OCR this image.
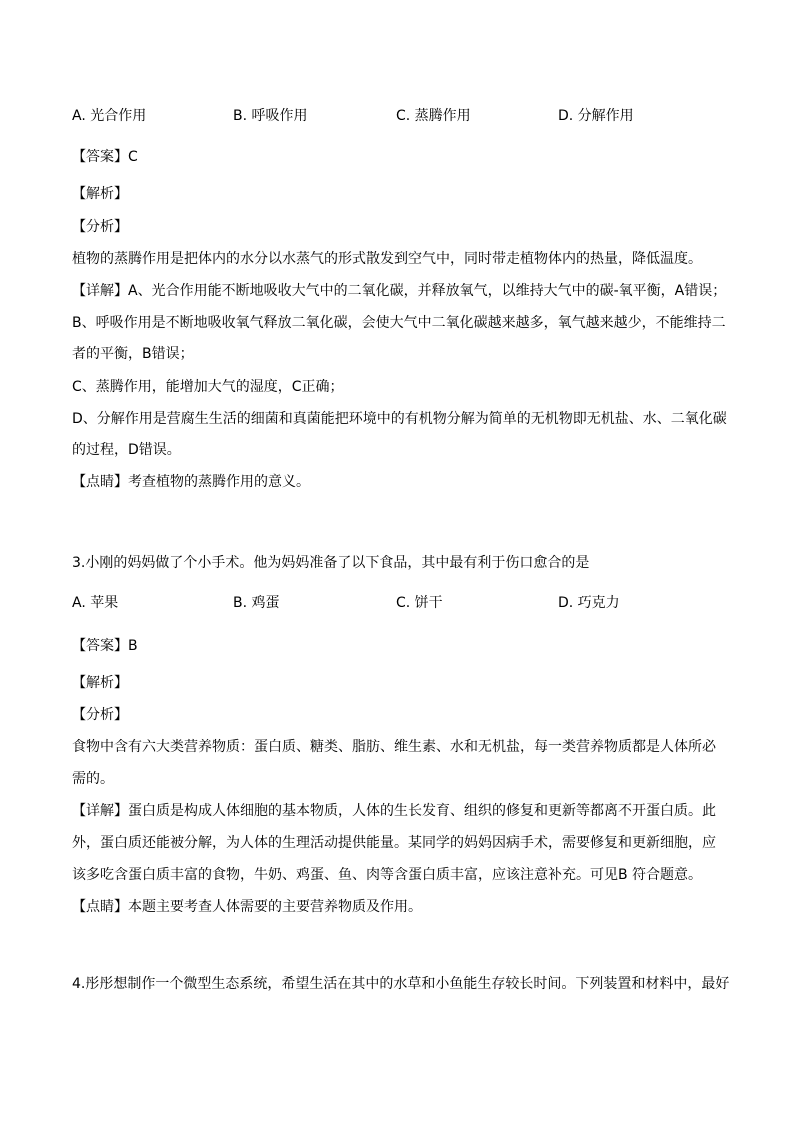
A. 光合作用	B. 呼吸作用	C. 蒸腾作用	D. 分解作用
【答案】C
【解析】
【分析】
植物的蒸腾作用是把体内的水分以水蒸气的形式散发到空气中，同时带走植物体内的热量，降低温度。
【详解】A、光合作用能不断地吸收大气中的二氧化碳，并释放氧气，以维持大气中的碳-氧平衡，A错误；
B、呼吸作用是不断地吸收氧气释放二氧化碳，会使大气中二氧化碳越来越多，氧气越来越少，不能维持二
者的平衡，B错误；
C、蒸腾作用，能增加大气的湿度，C正确；
D、分解作用是营腐生生活的细菌和真菌能把环境中的有机物分解为简单的无机物即无机盐、水、二氧化碳
的过程，D错误。
【点睛】考查植物的蒸腾作用的意义。
3.小刚的妈妈做了个小手术。他为妈妈准备了以下食品，其中最有利于伤口愈合的是
A. 苹果	B. 鸡蛋	C. 饼干	D. 巧克力
【答案】B
【解析】
【分析】
食物中含有六大类营养物质：蛋白质、糖类、脂肪、维生素、水和无机盐，每一类营养物质都是人体所必
需的。
【详解】蛋白质是构成人体细胞的基本物质，人体的生长发育、组织的修复和更新等都离不开蛋白质。此
外，蛋白质还能被分解，为人体的生理活动提供能量。某同学的妈妈因病手术，需要修复和更新细胞，应
该多吃含蛋白质丰富的食物，牛奶、鸡蛋、鱼、肉等含蛋白质丰富，应该注意补充。可见B 符合题意。
【点睛】本题主要考查人体需要的主要营养物质及作用。
4.彤彤想制作一个微型生态系统，希望生活在其中的水草和小鱼能生存较长时间。下列装置和材料中，最好
